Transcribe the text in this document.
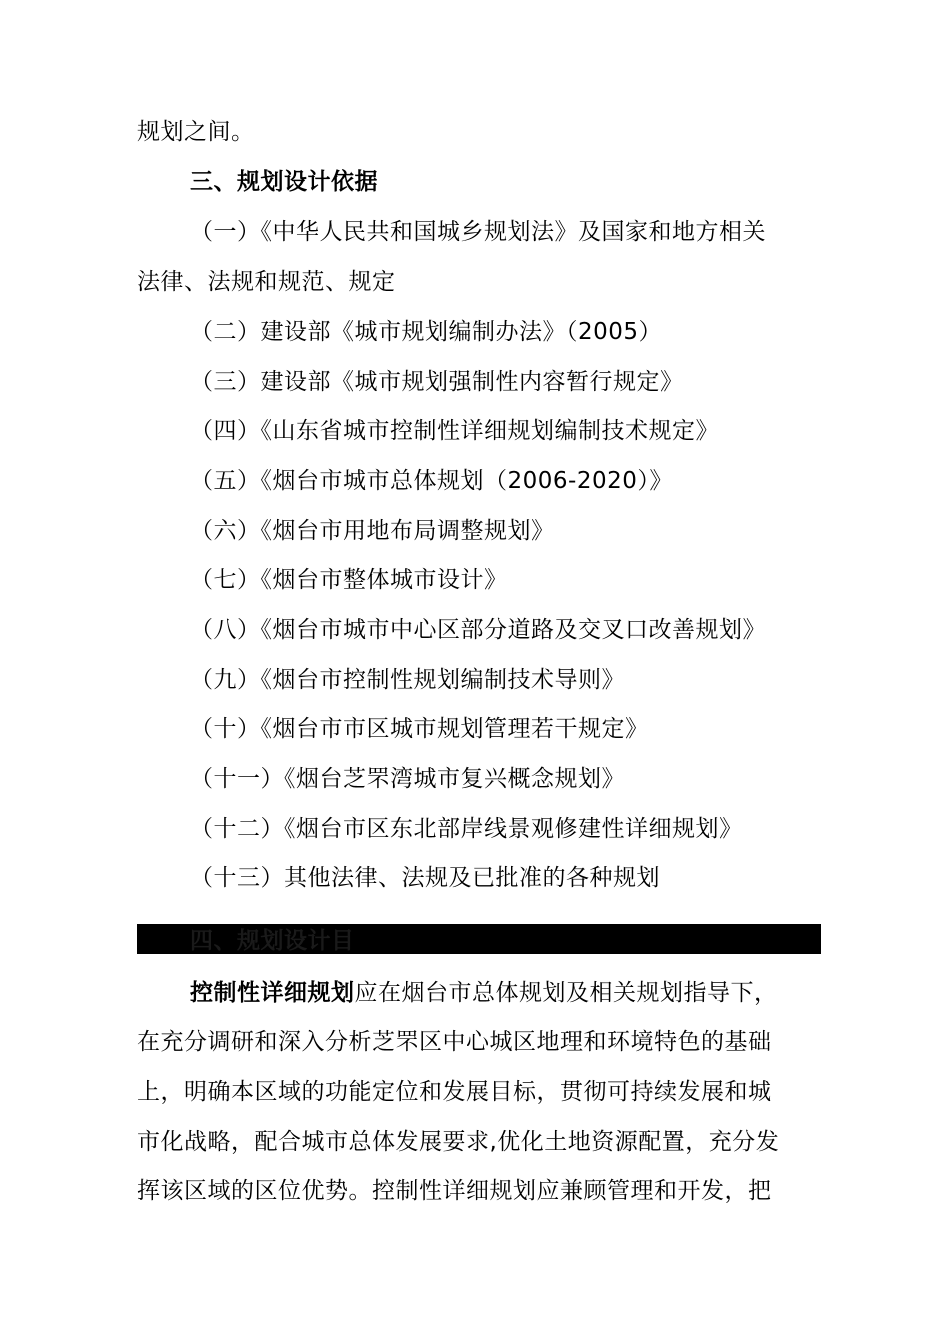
规划之间。
三、规划设计依据
（一）《中华人民共和国城乡规划法》及国家和地方相关
法律、法规和规范、规定
（二）建设部《城市规划编制办法》（2005）
（三）建设部《城市规划强制性内容暂行规定》
（四）《山东省城市控制性详细规划编制技术规定》
（五）《烟台市城市总体规划（2006-2020）》
（六）《烟台市用地布局调整规划》
（七）《烟台市整体城市设计》
（八）《烟台市城市中心区部分道路及交叉口改善规划》
（九）《烟台市控制性规划编制技术导则》
（十）《烟台市市区城市规划管理若干规定》
（十一）《烟台芝罘湾城市复兴概念规划》
（十二）《烟台市区东北部岸线景观修建性详细规划》
（十三）其他法律、法规及已批准的各种规划
四、规划设计目
控制性详细规划应在烟台市总体规划及相关规划指导下，
在充分调研和深入分析芝罘区中心城区地理和环境特色的基础
上，明确本区域的功能定位和发展目标，贯彻可持续发展和城
市化战略，配合城市总体发展要求,优化土地资源配置，充分发
挥该区域的区位优势。控制性详细规划应兼顾管理和开发，把
